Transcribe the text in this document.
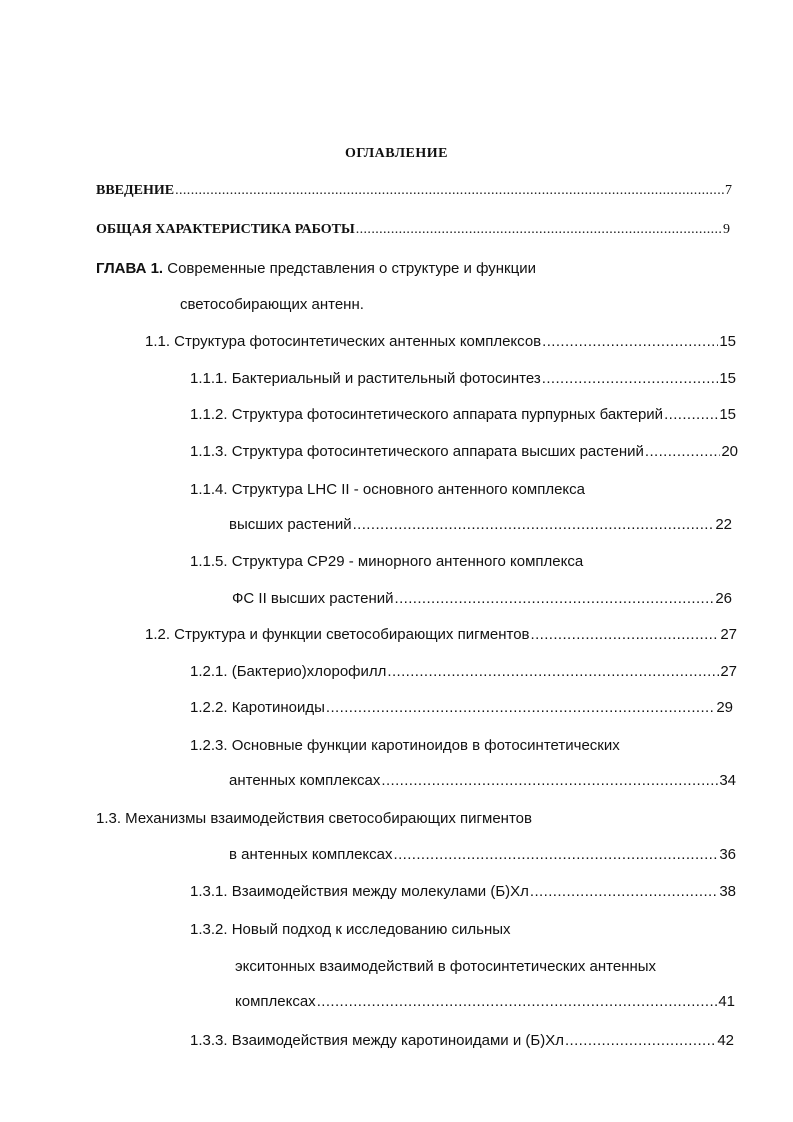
ОГЛАВЛЕНИЕ
ВВЕДЕНИЕ .....	7
ОБЩАЯ ХАРАКТЕРИСТИКА РАБОТЫ .....	9
ГЛАВА 1. Современные представления о структуре и функции
светособирающих антенн.
1.1. Структура фотосинтетических антенных комплексов .....	15
1.1.1. Бактериальный и растительный фотосинтез .....	15
1.1.2. Структура фотосинтетического аппарата пурпурных бактерий .....	15
1.1.3. Структура фотосинтетического аппарата высших растений .....	20
1.1.4. Структура LHC II - основного антенного комплекса
высших растений .....	22
1.1.5. Структура СР29 - минорного антенного комплекса
ФС II высших растений .....	26
1.2. Структура и функции светособирающих пигментов .....	27
1.2.1. (Бактерио)хлорофилл .....	27
1.2.2. Каротиноиды .....	29
1.2.3. Основные функции каротиноидов в фотосинтетических
антенных комплексах .....	34
1.3. Механизмы взаимодействия светособирающих пигментов
в антенных комплексах .....	36
1.3.1. Взаимодействия между молекулами (Б)Хл .....	38
1.3.2. Новый подход к исследованию сильных
экситонных взаимодействий в фотосинтетических антенных
комплексах .....	41
1.3.3. Взаимодействия между каротиноидами и (Б)Хл .....	42
